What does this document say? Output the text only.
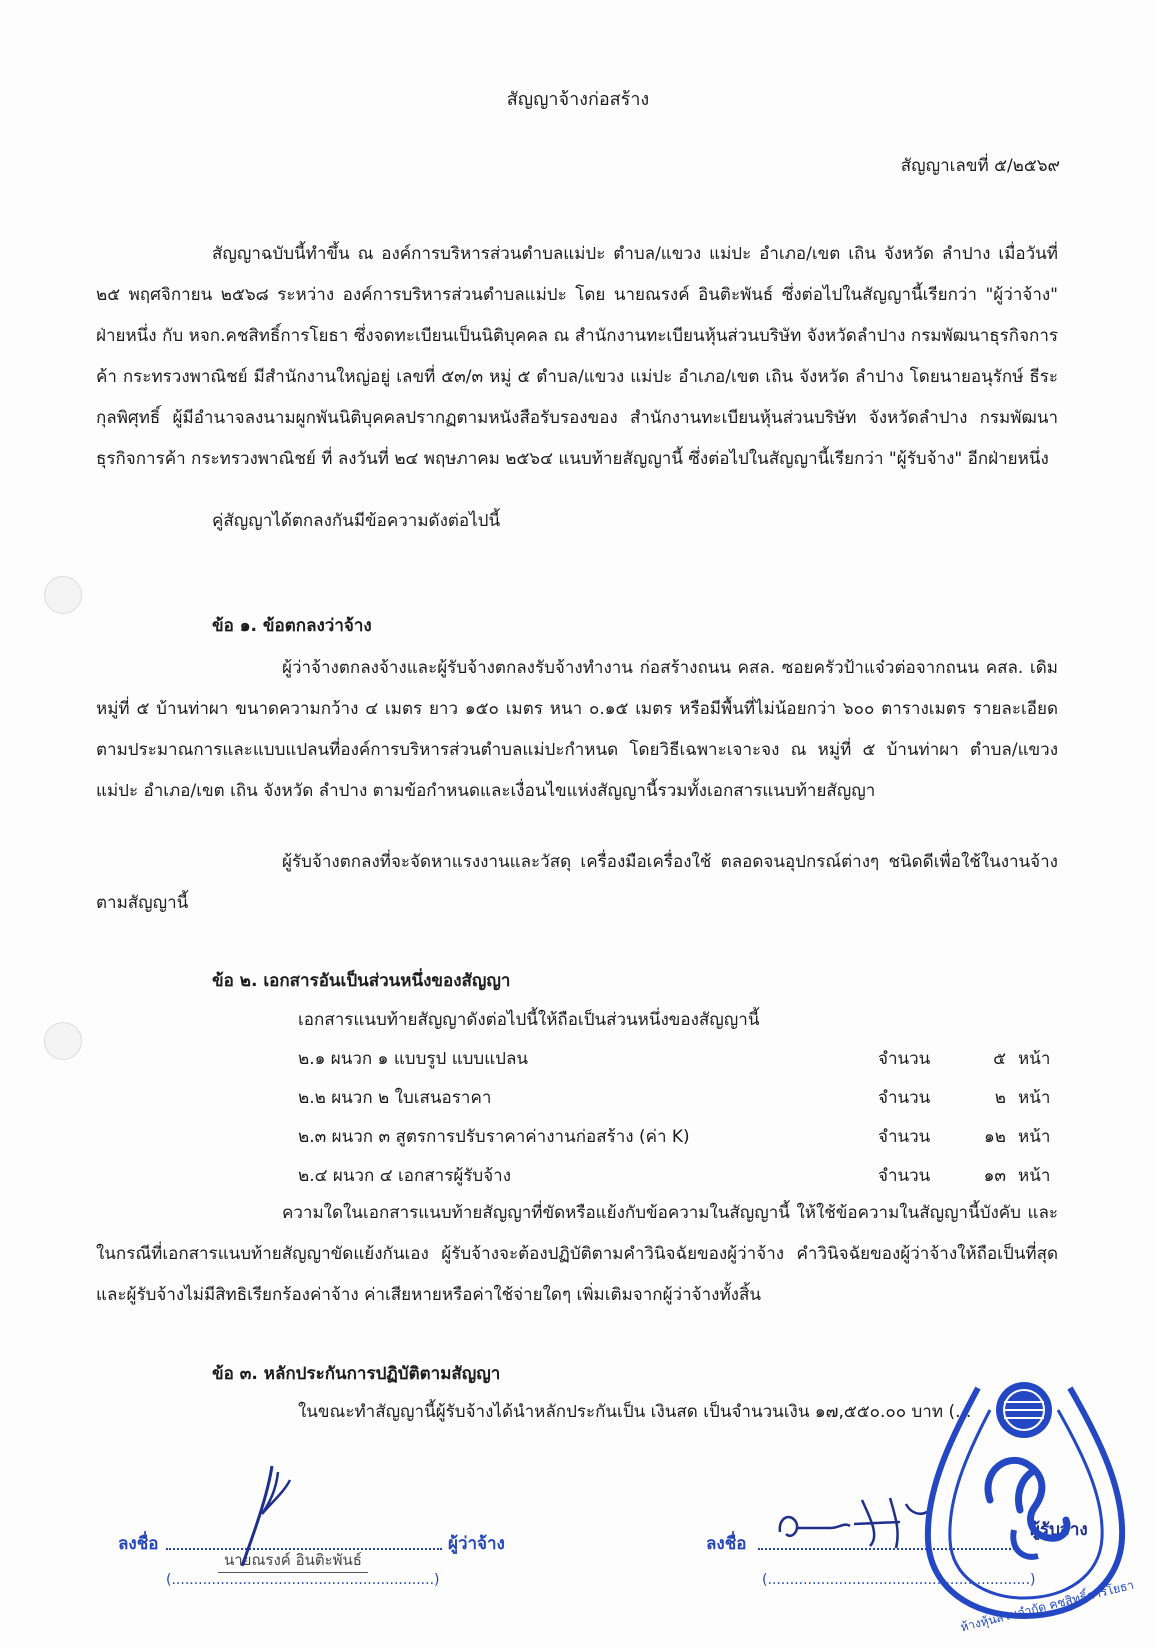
สัญญาจ้างก่อสร้าง
สัญญาเลขที่ ๕/๒๕๖๙
สัญญาฉบับนี้ทำขึ้น ณ องค์การบริหารส่วนตำบลแม่ปะ ตำบล/แขวง แม่ปะ อำเภอ/เขต เถิน จังหวัด ลำปาง เมื่อวันที่ ๒๕ พฤศจิกายน ๒๕๖๘ ระหว่าง องค์การบริหารส่วนตำบลแม่ปะ โดย นายณรงค์ อินติะพันธ์ ซึ่งต่อไปในสัญญานี้เรียกว่า "ผู้ว่าจ้าง" ฝ่ายหนึ่ง กับ หจก.คชสิทธิ์การโยธา ซึ่งจดทะเบียนเป็นนิติบุคคล ณ สำนักงานทะเบียนหุ้นส่วนบริษัท จังหวัดลำปาง กรมพัฒนาธุรกิจการค้า กระทรวงพาณิชย์ มีสำนักงานใหญ่อยู่ เลขที่ ๕๓/๓ หมู่ ๕ ตำบล/แขวง แม่ปะ อำเภอ/เขต เถิน จังหวัด ลำปาง โดยนายอนุรักษ์ ธีระกุลพิศุทธิ์ ผู้มีอำนาจลงนามผูกพันนิติบุคคลปรากฏตามหนังสือรับรองของ สำนักงานทะเบียนหุ้นส่วนบริษัท จังหวัดลำปาง กรมพัฒนาธุรกิจการค้า กระทรวงพาณิชย์ ที่ ลงวันที่ ๒๔ พฤษภาคม ๒๕๖๔ แนบท้ายสัญญานี้ ซึ่งต่อไปในสัญญานี้เรียกว่า "ผู้รับจ้าง" อีกฝ่ายหนึ่ง
คู่สัญญาได้ตกลงกันมีข้อความดังต่อไปนี้
ข้อ ๑. ข้อตกลงว่าจ้าง
ผู้ว่าจ้างตกลงจ้างและผู้รับจ้างตกลงรับจ้างทำงาน ก่อสร้างถนน คสล. ซอยครัวป้าแจ๋วต่อจากถนน คสล. เดิม หมู่ที่ ๕ บ้านท่าผา ขนาดความกว้าง ๔ เมตร ยาว ๑๕๐ เมตร หนา ๐.๑๕ เมตร หรือมีพื้นที่ไม่น้อยกว่า ๖๐๐ ตารางเมตร รายละเอียดตามประมาณการและแบบแปลนที่องค์การบริหารส่วนตำบลแม่ปะกำหนด โดยวิธีเฉพาะเจาะจง ณ หมู่ที่ ๕ บ้านท่าผา ตำบล/แขวง แม่ปะ อำเภอ/เขต เถิน จังหวัด ลำปาง ตามข้อกำหนดและเงื่อนไขแห่งสัญญานี้รวมทั้งเอกสารแนบท้ายสัญญา
ผู้รับจ้างตกลงที่จะจัดหาแรงงานและวัสดุ เครื่องมือเครื่องใช้ ตลอดจนอุปกรณ์ต่างๆ ชนิดดีเพื่อใช้ในงานจ้างตามสัญญานี้
ข้อ ๒. เอกสารอันเป็นส่วนหนึ่งของสัญญา
เอกสารแนบท้ายสัญญาดังต่อไปนี้ให้ถือเป็นส่วนหนึ่งของสัญญานี้
๒.๑ ผนวก ๑ แบบรูป แบบแปลน	จำนวน	๕ หน้า
๒.๒ ผนวก ๒ ใบเสนอราคา	จำนวน	๒ หน้า
๒.๓ ผนวก ๓ สูตรการปรับราคาค่างานก่อสร้าง (ค่า K)	จำนวน	๑๒ หน้า
๒.๔ ผนวก ๔ เอกสารผู้รับจ้าง	จำนวน	๑๓ หน้า
ความใดในเอกสารแนบท้ายสัญญาที่ขัดหรือแย้งกับข้อความในสัญญานี้ ให้ใช้ข้อความในสัญญานี้บังคับ และในกรณีที่เอกสารแนบท้ายสัญญาขัดแย้งกันเอง ผู้รับจ้างจะต้องปฏิบัติตามคำวินิจฉัยของผู้ว่าจ้าง คำวินิจฉัยของผู้ว่าจ้างให้ถือเป็นที่สุด และผู้รับจ้างไม่มีสิทธิเรียกร้องค่าจ้าง ค่าเสียหายหรือค่าใช้จ่ายใดๆ เพิ่มเติมจากผู้ว่าจ้างทั้งสิ้น
ข้อ ๓. หลักประกันการปฏิบัติตามสัญญา
ในขณะทำสัญญานี้ผู้รับจ้างได้นำหลักประกันเป็น เงินสด เป็นจำนวนเงิน ๑๗,๕๕๐.๐๐ บาท (...
ลงชื่อ	ผู้ว่าจ้าง
นายณรงค์ อินติะพันธ์
(...........................................................)
ลงชื่อ
ผู้รับจ้าง
(...........................................................)
ห้างหุ้นส่วนจำกัด คชสิทธิ์การโยธา
